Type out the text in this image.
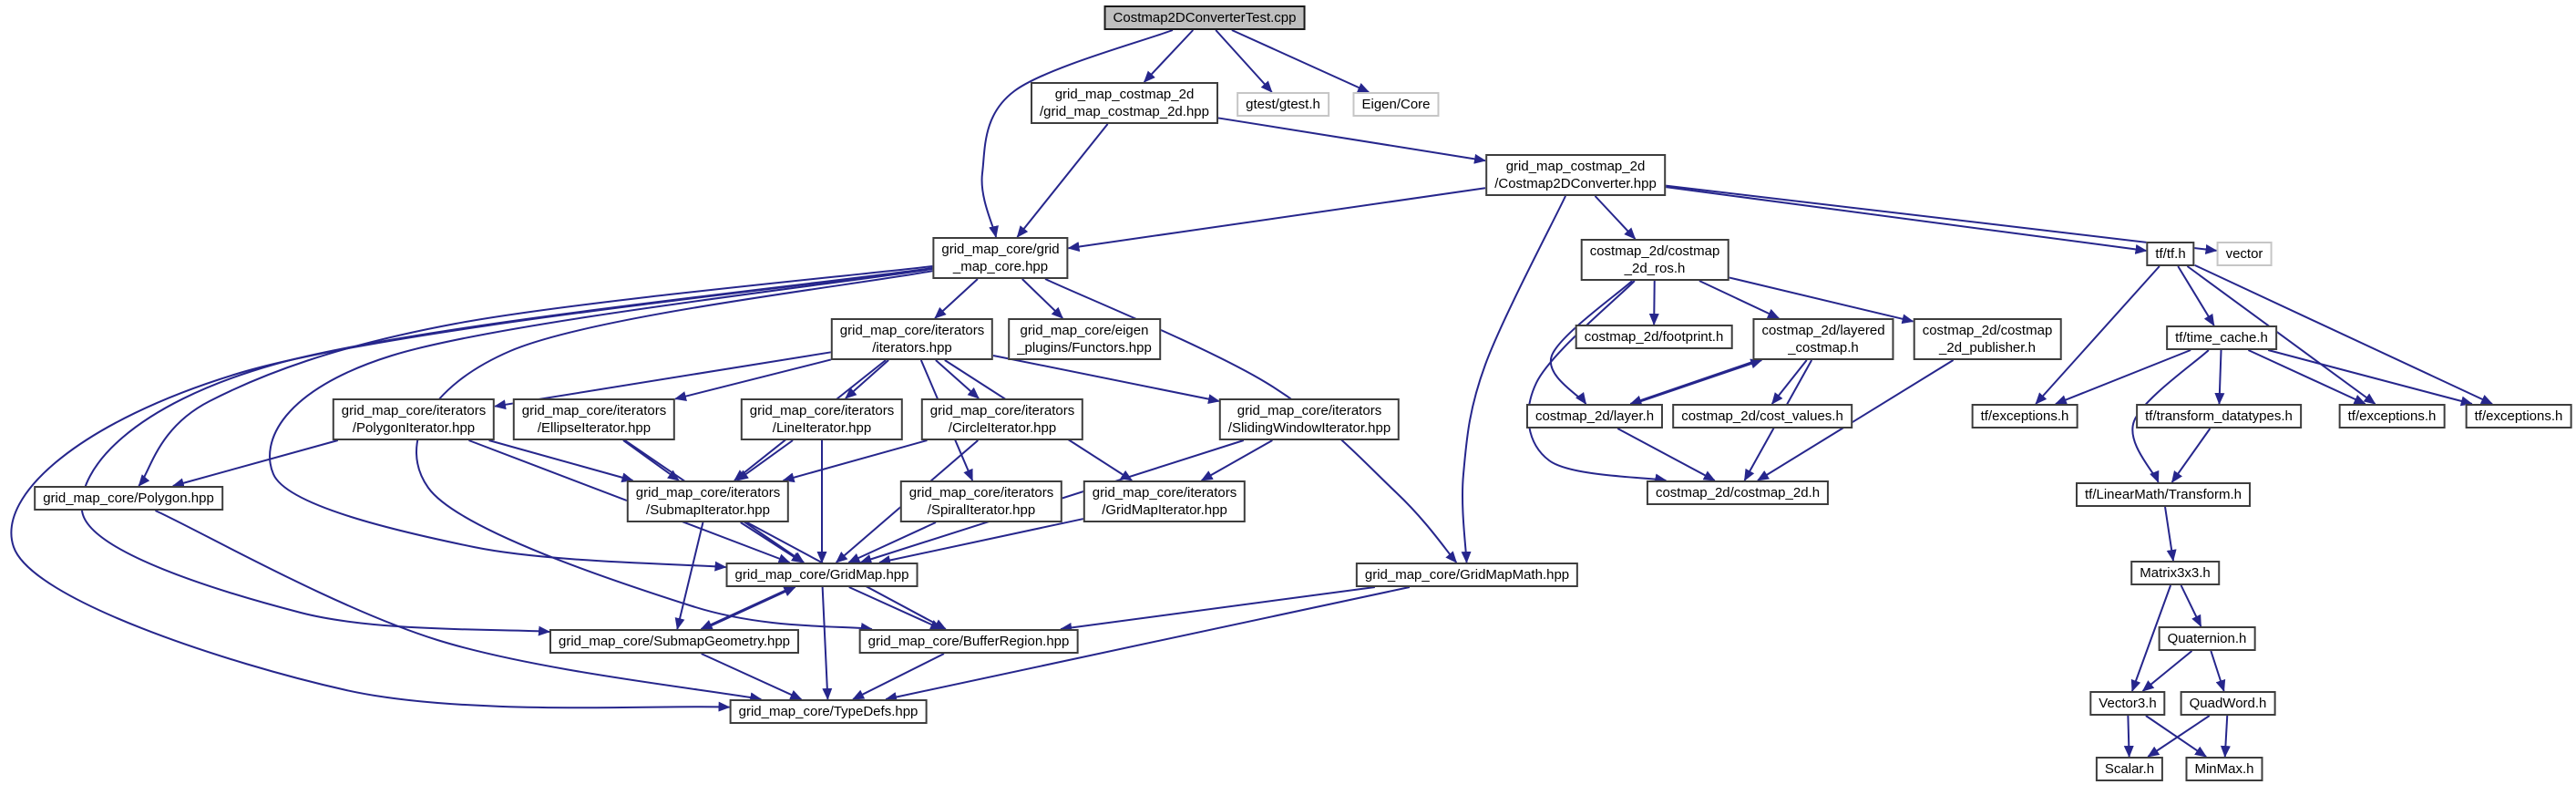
Costmap2DConverterTest.cpp
grid_map_costmap_2d
/grid_map_costmap_2d.hpp	gtest/gtest.h	Eigen/Core
grid_map_costmap_2d
/Costmap2DConverter.hpp
grid_map_core/grid
_map_core.hpp
costmap_2d/costmap
_2d_ros.h
tf/tf.h	vector
grid_map_core/iterators
/iterators.hpp
grid_map_core/eigen
_plugins/Functors.hpp
costmap_2d/footprint.h	costmap_2d/layered
_costmap.h
costmap_2d/costmap
_2d_publisher.h
tf/time_cache.h
grid_map_core/iterators
/PolygonIterator.hpp
grid_map_core/iterators
/EllipseIterator.hpp
grid_map_core/iterators
/LineIterator.hpp
grid_map_core/iterators
/CircleIterator.hpp
grid_map_core/iterators
/SlidingWindowIterator.hpp
costmap_2d/layer.h costmap_2d/cost_values.h	tf/exceptions.h	tf/transform_datatypes.h	tf/exceptions.h	tf/exceptions.h
grid_map_core/Polygon.hpp	grid_map_core/iterators
/SubmapIterator.hpp
grid_map_core/iterators
/SpiralIterator.hpp
grid_map_core/iterators
/GridMapIterator.hpp
costmap_2d/costmap_2d.h	tf/LinearMath/Transform.h
grid_map_core/GridMap.hpp	grid_map_core/GridMapMath.hpp	Matrix3x3.h
grid_map_core/SubmapGeometry.hpp	grid_map_core/BufferRegion.hpp	Quaternion.h
grid_map_core/TypeDefs.hpp
Vector3.h QuadWord.h
Scalar.h	MinMax.h
